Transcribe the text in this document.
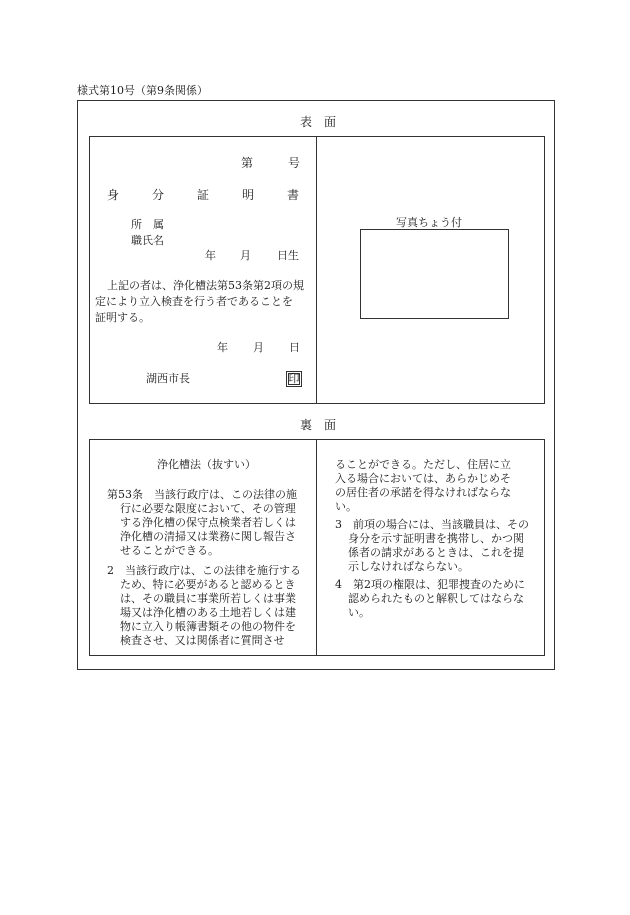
様式第10号（第9条関係）
表　面
第	号
身	分	証	明	書
所　属
職氏名
年 月 日生
上記の者は、浄化槽法第53条第2項の規
定により立入検査を行う者であることを
証明する。
年 月 日
湖西市長	印
写真ちょう付
裏　面
浄化槽法（抜すい）
第53条　当該行政庁は、この法律の施
行に必要な限度において、その管理
する浄化槽の保守点検業者若しくは
浄化槽の清掃又は業務に関し報告さ
せることができる。
2　当該行政庁は、この法律を施行する
ため、特に必要があると認めるとき
は、その職員に事業所若しくは事業
場又は浄化槽のある土地若しくは建
物に立入り帳簿書類その他の物件を
検査させ、又は関係者に質問させ
ることができる。ただし、住居に立
入る場合においては、あらかじめそ
の居住者の承諾を得なければならな
い。
3　前項の場合には、当該職員は、その
身分を示す証明書を携帯し、かつ関
係者の請求があるときは、これを提
示しなければならない。
4　第2項の権限は、犯罪捜査のために
認められたものと解釈してはならな
い。
